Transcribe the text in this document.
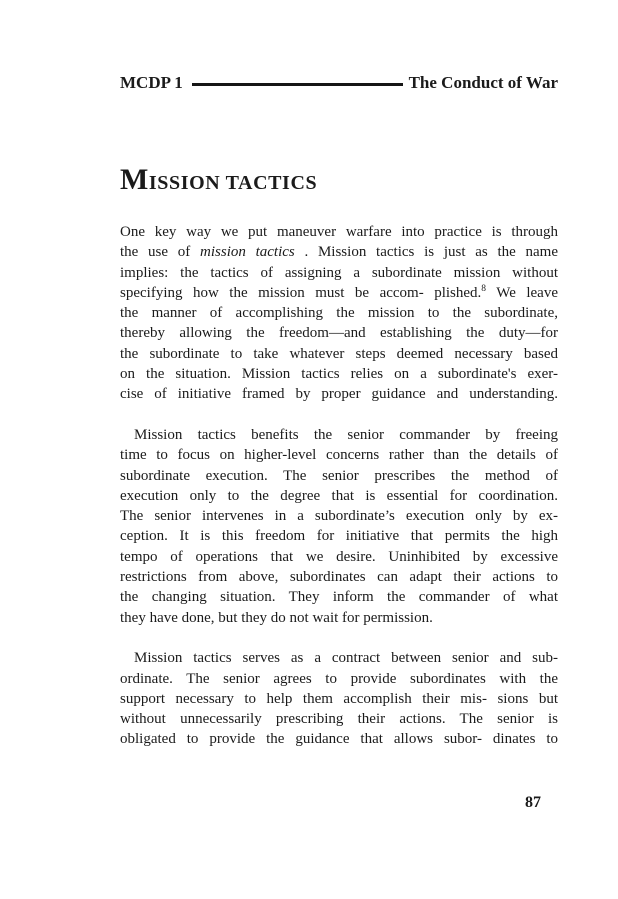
MCDP 1	The Conduct of War
MISSION TACTICS
One key way we put maneuver warfare into practice is through
the use of mission tactics . Mission tactics is just as the name
implies: the tactics of assigning a subordinate mission without
specifying how the mission must be accom- plished.$^8$ We leave
the manner of accomplishing the mission to the subordinate,
thereby allowing the freedom—and establishing the duty—for
the subordinate to take whatever steps deemed necessary based
on the situation. Mission tactics relies on a subordinate's exer-
cise of initiative framed by proper guidance and understanding.
Mission tactics benefits the senior commander by freeing
time to focus on higher-level concerns rather than the details of
subordinate execution. The senior prescribes the method of
execution only to the degree that is essential for coordination.
The senior intervenes in a subordinate’s execution only by ex-
ception. It is this freedom for initiative that permits the high
tempo of operations that we desire. Uninhibited by excessive
restrictions from above, subordinates can adapt their actions to
the changing situation. They inform the commander of what
they have done, but they do not wait for permission.
Mission tactics serves as a contract between senior and sub-
ordinate. The senior agrees to provide subordinates with the
support necessary to help them accomplish their mis- sions but
without unnecessarily prescribing their actions. The senior is
obligated to provide the guidance that allows subor- dinates to
87
